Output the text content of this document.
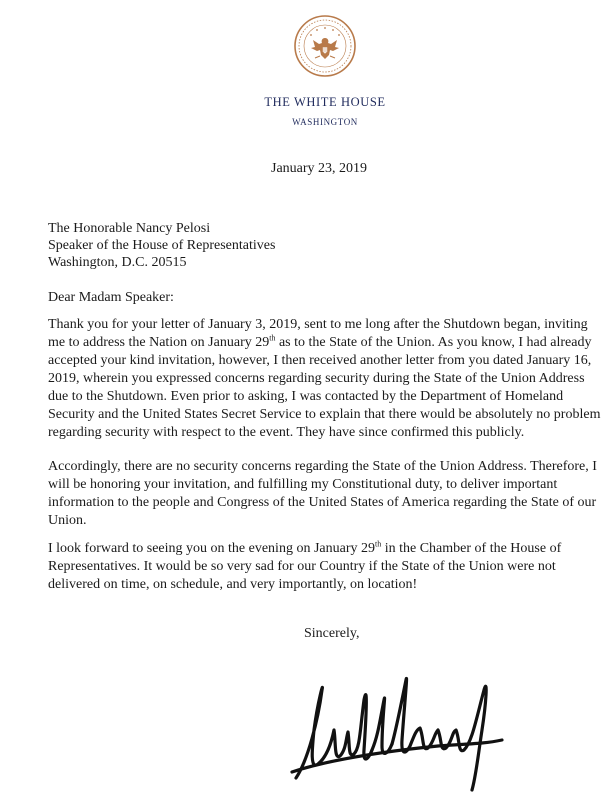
THE WHITE HOUSE
WASHINGTON
January 23, 2019
The Honorable Nancy Pelosi
Speaker of the House of Representatives
Washington, D.C. 20515
Dear Madam Speaker:

Thank you for your letter of January 3, 2019, sent to me long after the Shutdown began, inviting me to address the Nation on January 29th as to the State of the Union. As you know, I had already accepted your kind invitation, however, I then received another letter from you dated January 16, 2019, wherein you expressed concerns regarding security during the State of the Union Address due to the Shutdown. Even prior to asking, I was contacted by the Department of Homeland Security and the United States Secret Service to explain that there would be absolutely no problem regarding security with respect to the event. They have since confirmed this publicly.

Accordingly, there are no security concerns regarding the State of the Union Address. Therefore, I will be honoring your invitation, and fulfilling my Constitutional duty, to deliver important information to the people and Congress of the United States of America regarding the State of our Union.

I look forward to seeing you on the evening on January 29th in the Chamber of the House of Representatives. It would be so very sad for our Country if the State of the Union were not delivered on time, on schedule, and very importantly, on location!

Sincerely,
